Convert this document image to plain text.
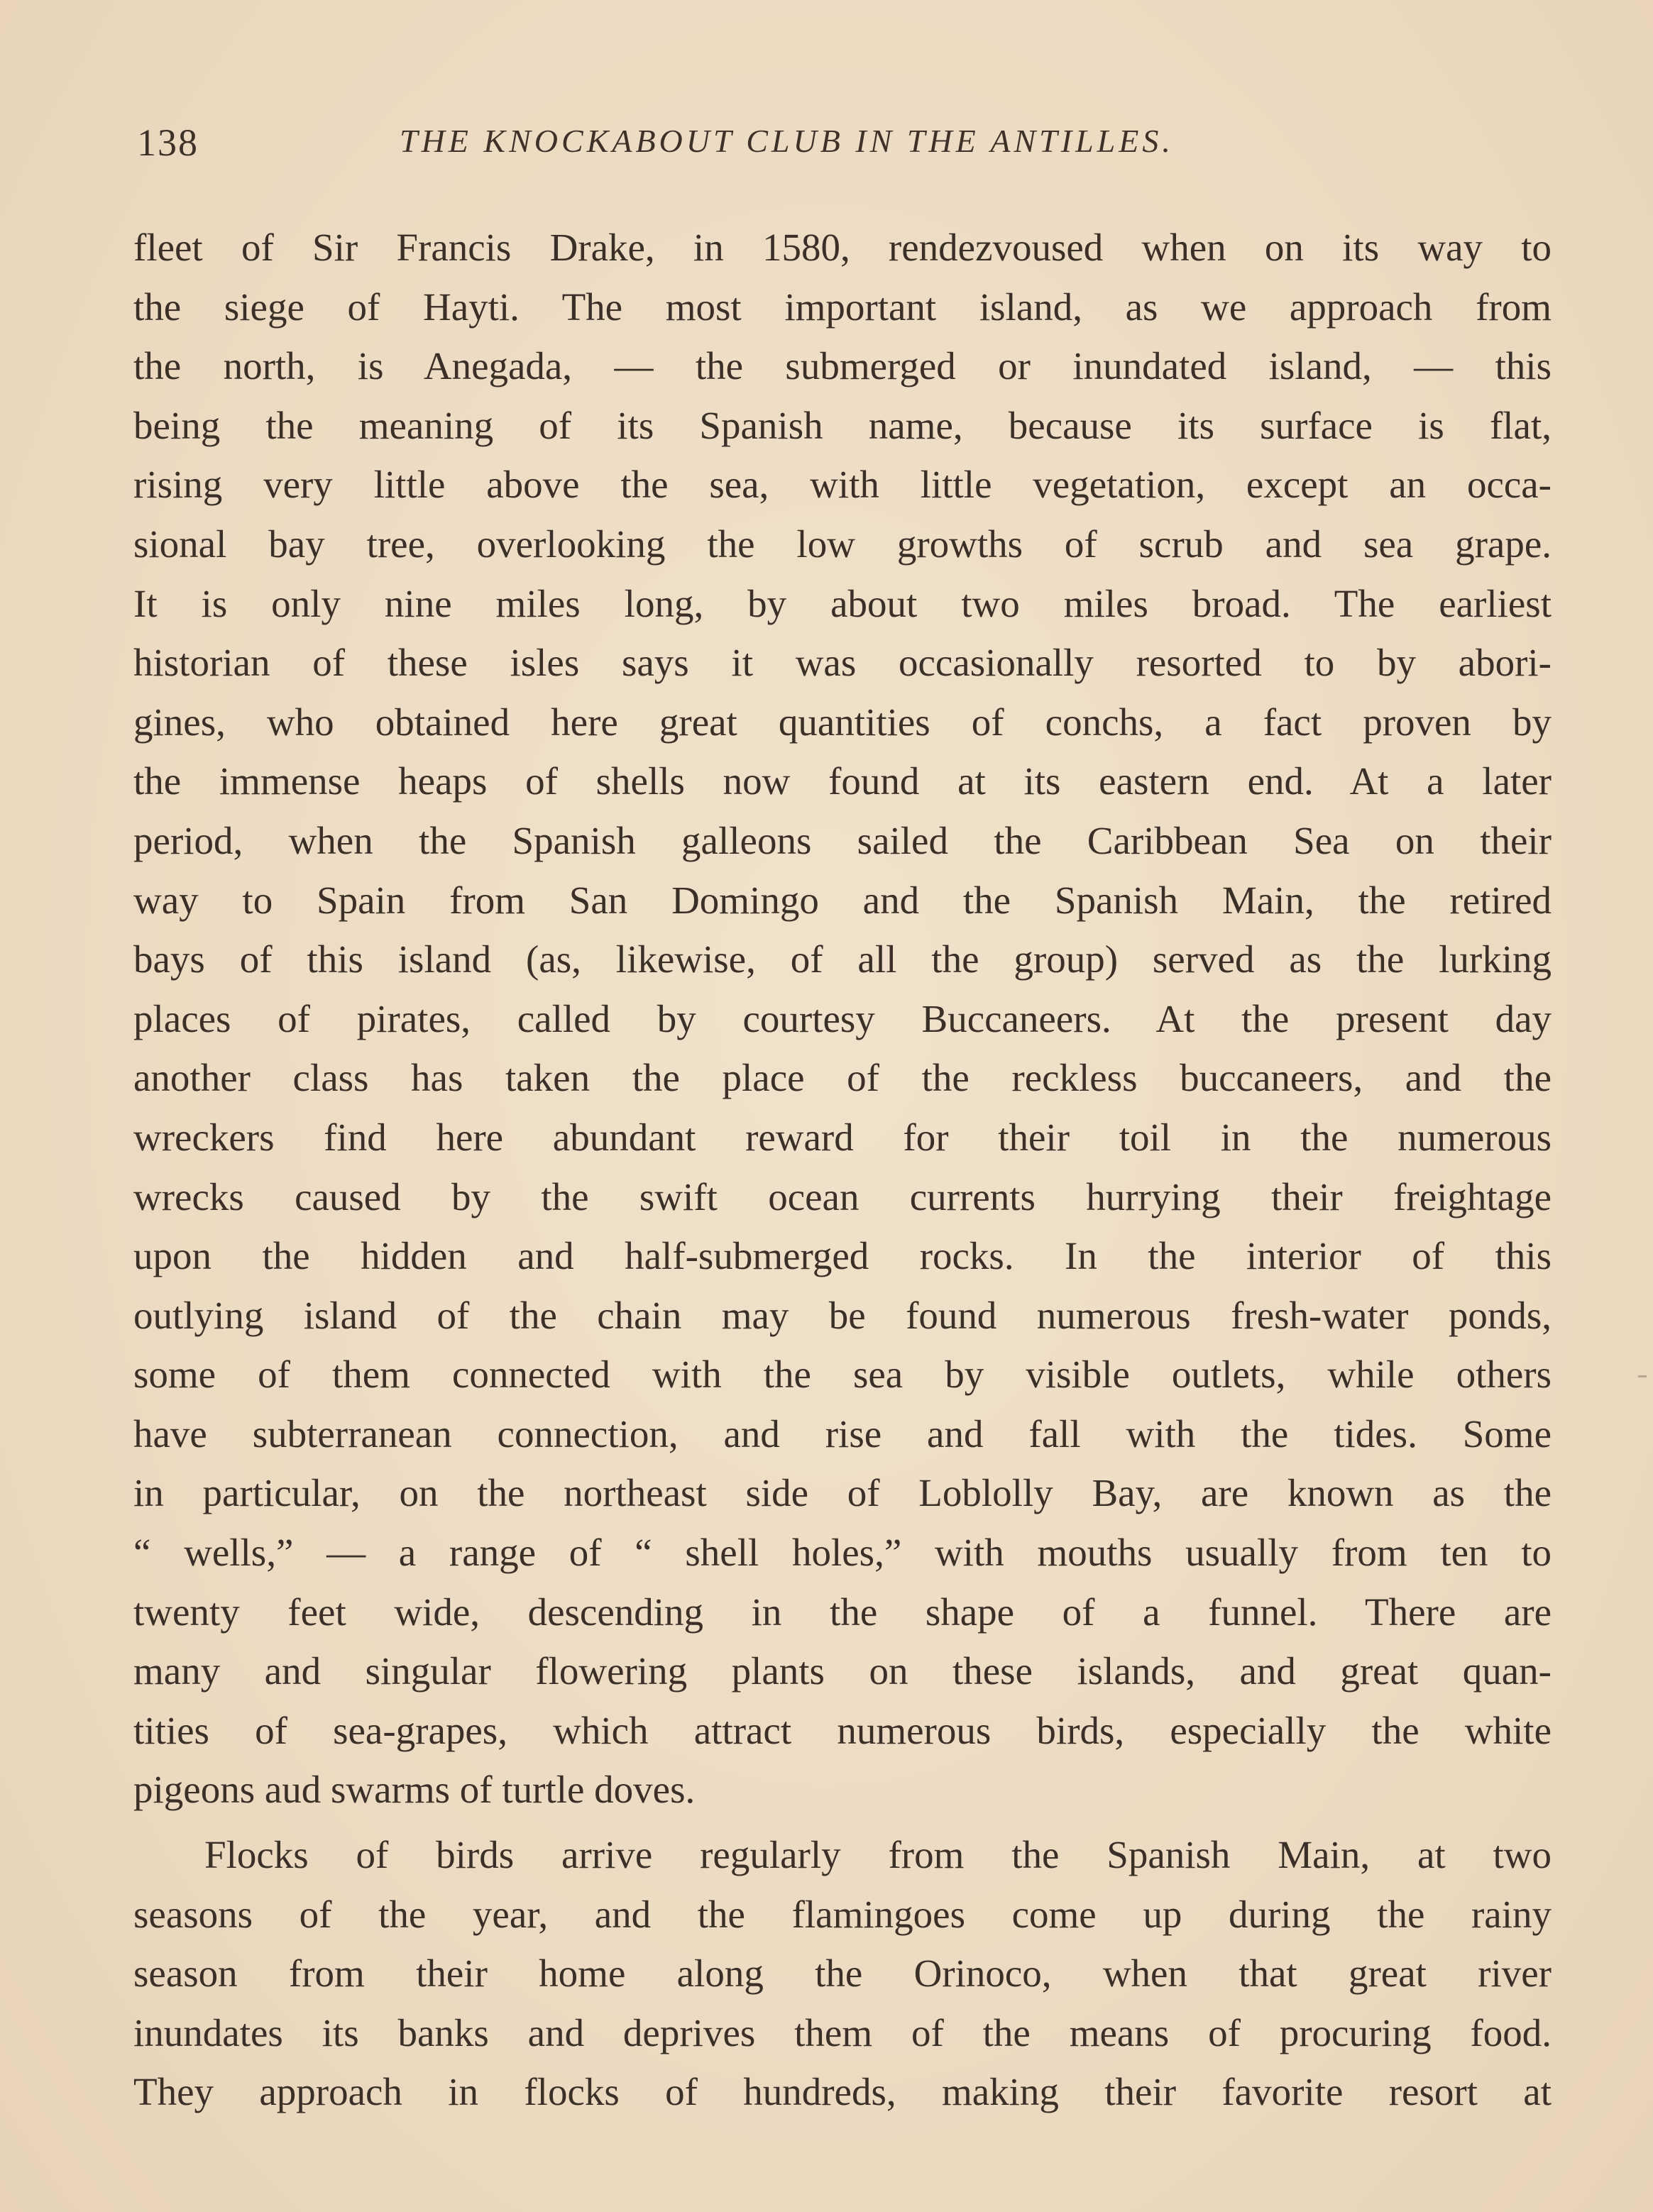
138	THE KNOCKABOUT CLUB IN THE ANTILLES.
fleet of Sir Francis Drake, in 1580, rendezvoused when on its way to
the siege of Hayti. The most important island, as we approach from
the north, is Anegada, — the submerged or inundated island, — this
being the meaning of its Spanish name, because its surface is flat,
rising very little above the sea, with little vegetation, except an occa-
sional bay tree, overlooking the low growths of scrub and sea grape.
It is only nine miles long, by about two miles broad. The earliest
historian of these isles says it was occasionally resorted to by abori-
gines, who obtained here great quantities of conchs, a fact proven by
the immense heaps of shells now found at its eastern end. At a later
period, when the Spanish galleons sailed the Caribbean Sea on their
way to Spain from San Domingo and the Spanish Main, the retired
bays of this island (as, likewise, of all the group) served as the lurking
places of pirates, called by courtesy Buccaneers. At the present day
another class has taken the place of the reckless buccaneers, and the
wreckers find here abundant reward for their toil in the numerous
wrecks caused by the swift ocean currents hurrying their freightage
upon the hidden and half-submerged rocks. In the interior of this
outlying island of the chain may be found numerous fresh-water ponds,
some of them connected with the sea by visible outlets, while others
have subterranean connection, and rise and fall with the tides. Some
in particular, on the northeast side of Loblolly Bay, are known as the
“ wells,” — a range of “ shell holes,” with mouths usually from ten to
twenty feet wide, descending in the shape of a funnel. There are
many and singular flowering plants on these islands, and great quan-
tities of sea-grapes, which attract numerous birds, especially the white
pigeons aud swarms of turtle doves.
Flocks of birds arrive regularly from the Spanish Main, at two
seasons of the year, and the flamingoes come up during the rainy
season from their home along the Orinoco, when that great river
inundates its banks and deprives them of the means of procuring food.
They approach in flocks of hundreds, making their favorite resort at
